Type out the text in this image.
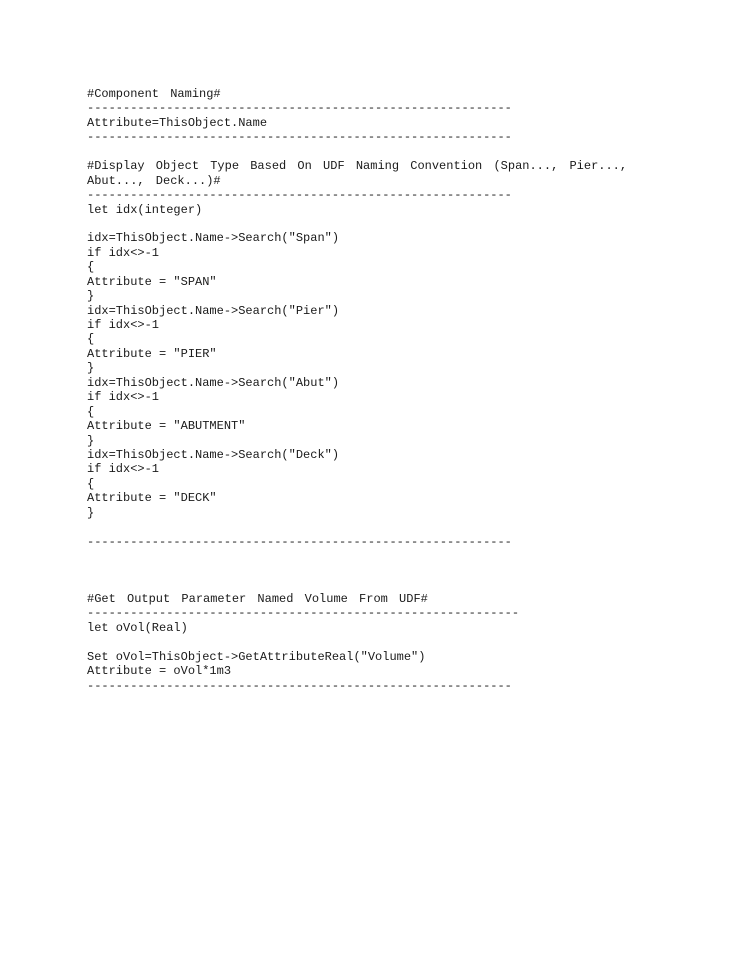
#Component Naming#
-----------------------------------------------------------
Attribute=ThisObject.Name
-----------------------------------------------------------
#Display Object Type Based On UDF Naming Convention (Span..., Pier...,
Abut..., Deck...)#
-----------------------------------------------------------
let idx(integer)
idx=ThisObject.Name->Search("Span")
if idx<>-1
{
Attribute = "SPAN"
}
idx=ThisObject.Name->Search("Pier")
if idx<>-1
{
Attribute = "PIER"
}
idx=ThisObject.Name->Search("Abut")
if idx<>-1
{
Attribute = "ABUTMENT"
}
idx=ThisObject.Name->Search("Deck")
if idx<>-1
{
Attribute = "DECK"
}
-----------------------------------------------------------
#Get Output Parameter Named Volume From UDF#
------------------------------------------------------------
let oVol(Real)
Set oVol=ThisObject->GetAttributeReal("Volume")
Attribute = oVol*1m3
-----------------------------------------------------------
